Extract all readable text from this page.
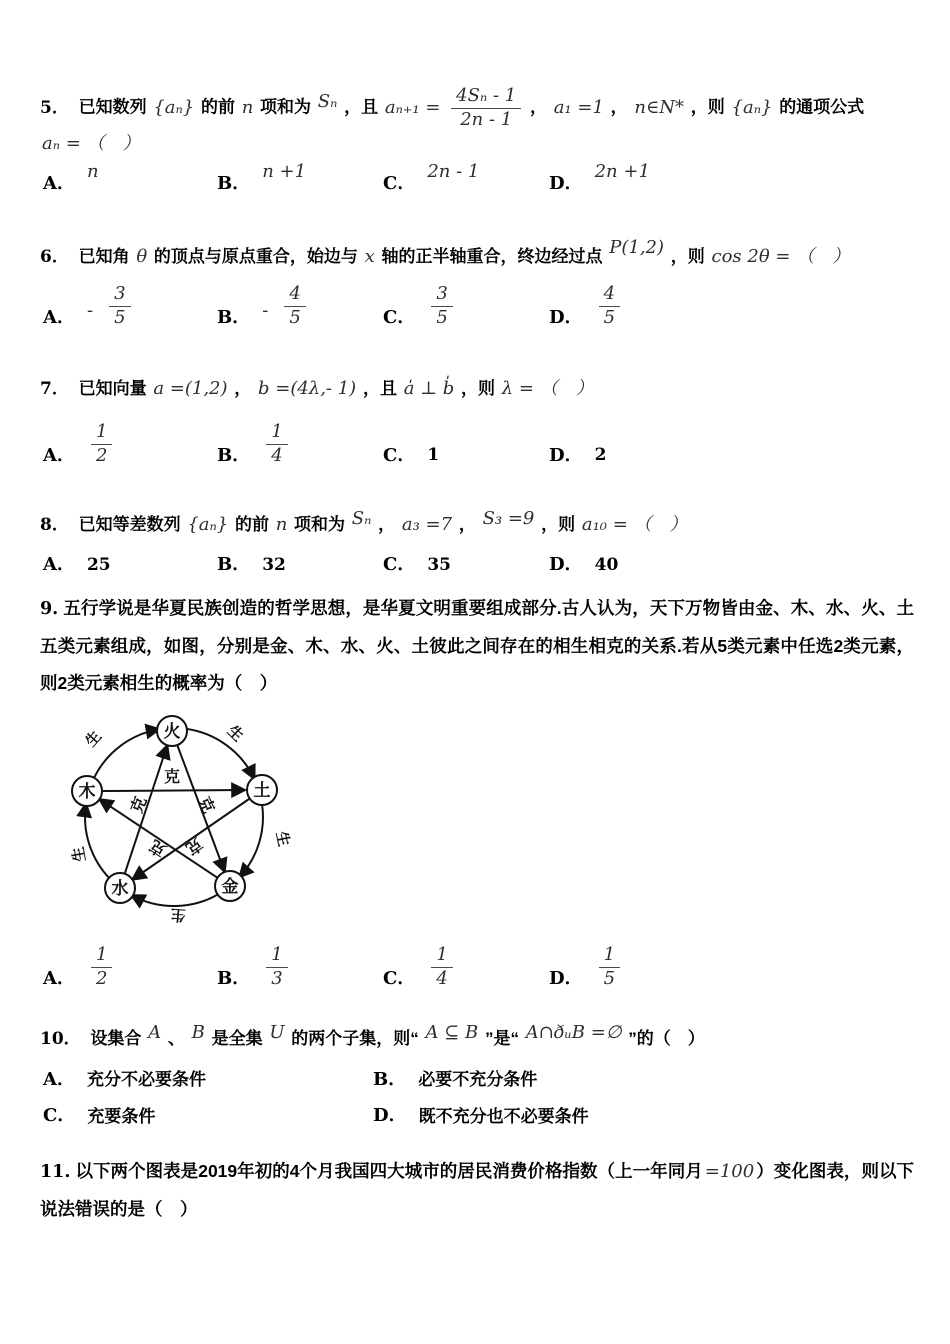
5． 已知数列 {aₙ} 的前 n 项和为 Sₙ ，且 $a_{n+1} = \frac{\text{4Sₙ - 1}}{2n - 1}$ ， a₁ =1 ， n∈N* ，则 {aₙ} 的通项公式 aₙ = （　）

A．
n
B．
n +1
C．
2n - 1
D．
2n +1

6． 已知角 θ 的顶点与原点重合，始边与 x 轴的正半轴重合，终边经过点 P(1,2) ，则 cos 2θ = （　）

A． - $\frac{3}{5}$	B． - $\frac{4}{5}$	C． $\frac{3}{5}$	D． $\frac{4}{5}$

7． 已知向量 a =(1,2) ， b =(4λ,- 1) ，且 a̍ ⊥ b̍ ，则 λ = （　）

A． $\frac{1}{2}$	B． $\frac{1}{4}$	C． 1	D． 2

8． 已知等差数列 {aₙ} 的前 n 项和为 Sₙ ， a₃ =7 ， S₃ =9 ，则 a₁₀ = （　）

A． 25	B． 32	C． 35	D． 40

9. 五行学说是华夏民族创造的哲学思想，是华夏文明重要组成部分.古人认为，天下万物皆由金、木、水、火、土五类元素组成，如图，分别是金、木、水、火、土彼此之间存在的相生相克的关系.若从5类元素中任选2类元素，则2类元素相生的概率为（　）

火
土
金
水
木
生	生
生
生
生
克
克
克
克
克
A． $\frac{1}{2}$	B． $\frac{1}{3}$	C． $\frac{1}{4}$	D． $\frac{1}{5}$

10． 设集合 A 、 B 是全集 U 的两个子集，则“ A ⊆ B ”是“ A∩ðᵤB =∅ ”的（　）

A． 充分不必要条件	B． 必要不充分条件
C． 充要条件	D． 既不充分也不必要条件

11. 以下两个图表是2019年初的4个月我国四大城市的居民消费价格指数（上一年同月 =100 ）变化图表，则以下说法错误的是（　）
